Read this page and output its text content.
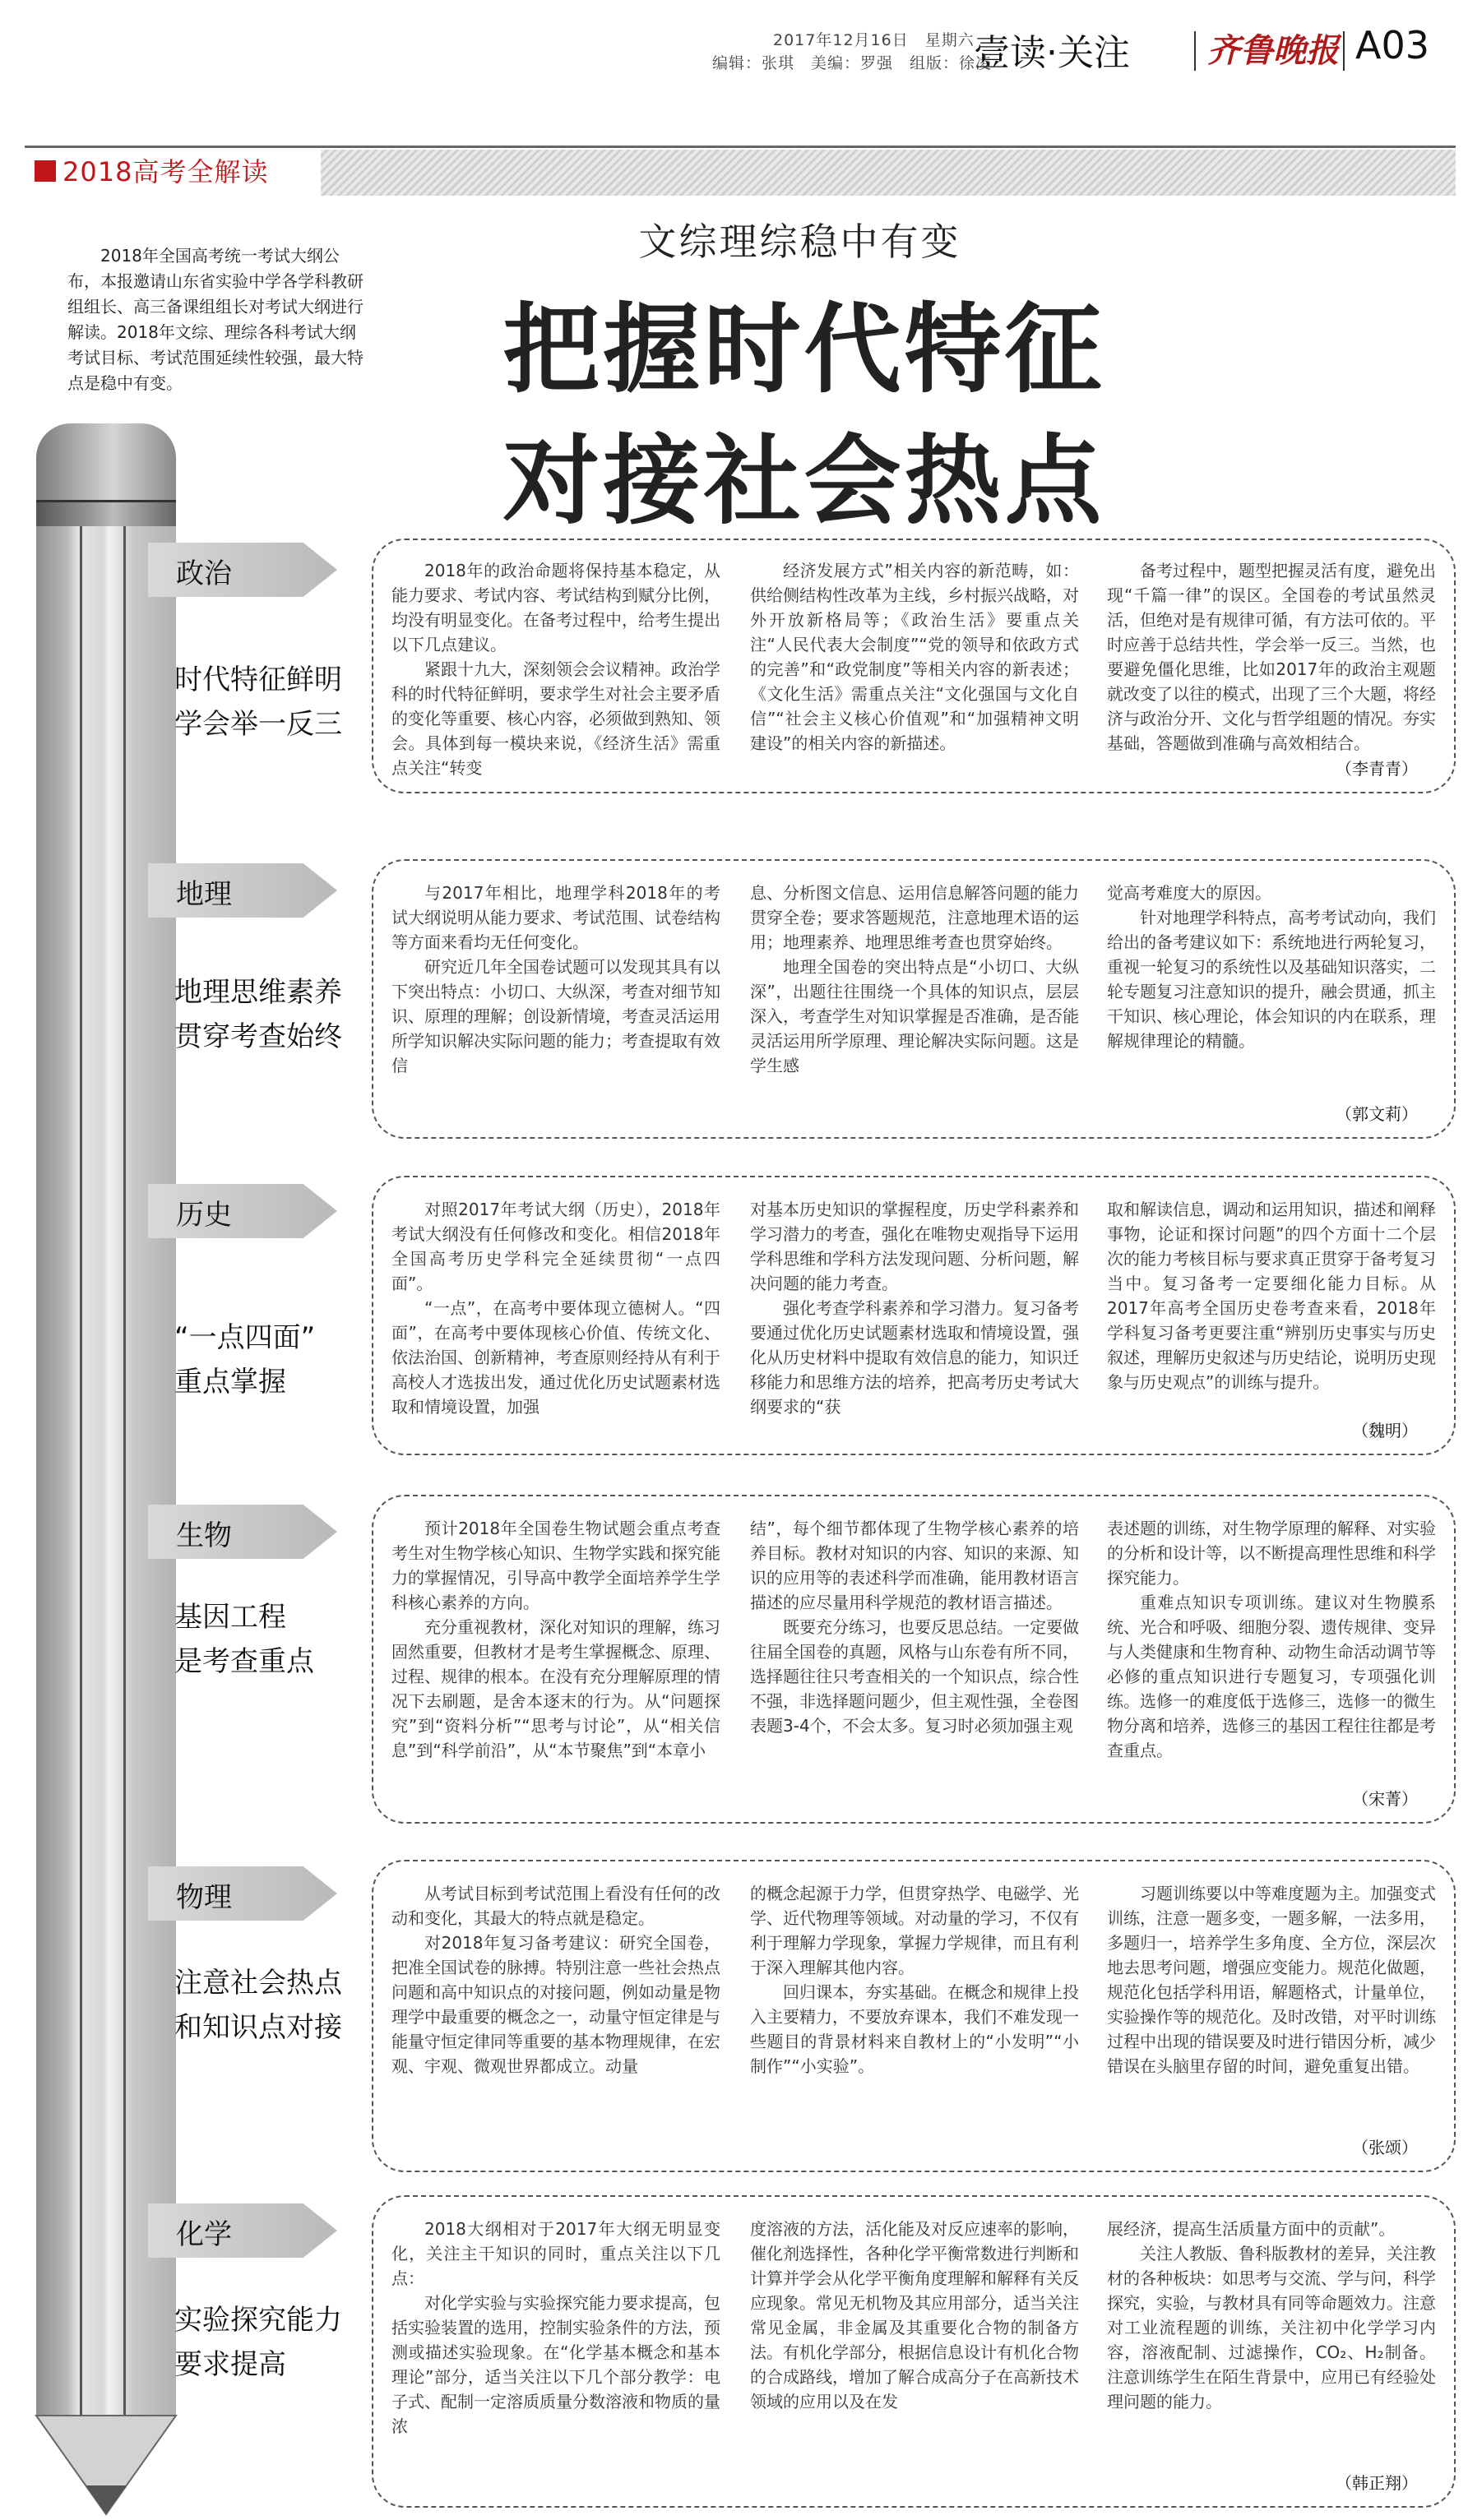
2017年12月16日　星期六
编辑：张琪　美编：罗强　组版：徐凌
壹读·关注 齐鲁晚报 A03
2018高考全解读
2018年全国高考统一考试大纲公布，本报邀请山东省实验中学各学科教研组组长、高三备课组组长对考试大纲进行解读。2018年文综、理综各科考试大纲考试目标、考试范围延续性较强，最大特点是稳中有变。
文综理综稳中有变
把握时代特征
对接社会热点
政治
时代特征鲜明
学会举一反三

2018年的政治命题将保持基本稳定，从能力要求、考试内容、考试结构到赋分比例，均没有明显变化。在备考过程中，给考生提出以下几点建议。

紧跟十九大，深刻领会会议精神。政治学科的时代特征鲜明，要求学生对社会主要矛盾的变化等重要、核心内容，必须做到熟知、领会。具体到每一模块来说，《经济生活》需重点关注“转变

经济发展方式”相关内容的新范畴，如：供给侧结构性改革为主线，乡村振兴战略，对外开放新格局等；《政治生活》要重点关注“人民代表大会制度”“党的领导和依政方式的完善”和“政党制度”等相关内容的新表述；《文化生活》需重点关注“文化强国与文化自信”“社会主义核心价值观”和“加强精神文明建设”的相关内容的新描述。

备考过程中，题型把握灵活有度，避免出现“千篇一律”的误区。全国卷的考试虽然灵活，但绝对是有规律可循，有方法可依的。平时应善于总结共性，学会举一反三。当然，也要避免僵化思维，比如2017年的政治主观题就改变了以往的模式，出现了三个大题，将经济与政治分开、文化与哲学组题的情况。夯实基础，答题做到准确与高效相结合。

（李青青）
地理
地理思维素养
贯穿考查始终

与2017年相比，地理学科2018年的考试大纲说明从能力要求、考试范围、试卷结构等方面来看均无任何变化。

研究近几年全国卷试题可以发现其具有以下突出特点：小切口、大纵深，考查对细节知识、原理的理解；创设新情境，考查灵活运用所学知识解决实际问题的能力；考查提取有效信

息、分析图文信息、运用信息解答问题的能力贯穿全卷；要求答题规范，注意地理术语的运用；地理素养、地理思维考查也贯穿始终。

地理全国卷的突出特点是“小切口、大纵深”，出题往往围绕一个具体的知识点，层层深入，考查学生对知识掌握是否准确，是否能灵活运用所学原理、理论解决实际问题。这是学生感

觉高考难度大的原因。

针对地理学科特点，高考考试动向，我们给出的备考建议如下：系统地进行两轮复习，重视一轮复习的系统性以及基础知识落实，二轮专题复习注意知识的提升，融会贯通，抓主干知识、核心理论，体会知识的内在联系，理解规律理论的精髓。

（郭文莉）
历史
“一点四面”
重点掌握

对照2017年考试大纲（历史），2018年考试大纲没有任何修改和变化。相信2018年全国高考历史学科完全延续贯彻“一点四面”。

“一点”，在高考中要体现立德树人。“四面”，在高考中要体现核心价值、传统文化、依法治国、创新精神，考查原则经持从有利于高校人才选拔出发，通过优化历史试题素材选取和情境设置，加强

对基本历史知识的掌握程度，历史学科素养和学习潜力的考查，强化在唯物史观指导下运用学科思维和学科方法发现问题、分析问题，解决问题的能力考查。

强化考查学科素养和学习潜力。复习备考要通过优化历史试题素材选取和情境设置，强化从历史材料中提取有效信息的能力，知识迁移能力和思维方法的培养，把高考历史考试大纲要求的“获

取和解读信息，调动和运用知识，描述和阐释事物，论证和探讨问题”的四个方面十二个层次的能力考核目标与要求真正贯穿于备考复习当中。复习备考一定要细化能力目标。从2017年高考全国历史卷考查来看，2018年学科复习备考更要注重“辨别历史事实与历史叙述，理解历史叙述与历史结论，说明历史现象与历史观点”的训练与提升。

（魏明）
生物
基因工程
是考查重点

预计2018年全国卷生物试题会重点考查考生对生物学核心知识、生物学实践和探究能力的掌握情况，引导高中教学全面培养学生学科核心素养的方向。

充分重视教材，深化对知识的理解，练习固然重要，但教材才是考生掌握概念、原理、过程、规律的根本。在没有充分理解原理的情况下去刷题，是舍本逐末的行为。从“问题探究”到“资料分析”“思考与讨论”，从“相关信息”到“科学前沿”，从“本节聚焦”到“本章小

结”，每个细节都体现了生物学核心素养的培养目标。教材对知识的内容、知识的来源、知识的应用等的表述科学而准确，能用教材语言描述的应尽量用科学规范的教材语言描述。

既要充分练习，也要反思总结。一定要做往届全国卷的真题，风格与山东卷有所不同，选择题往往只考查相关的一个知识点，综合性不强，非选择题问题少，但主观性强，全卷图表题3-4个，不会太多。复习时必须加强主观

表述题的训练，对生物学原理的解释、对实验的分析和设计等，以不断提高理性思维和科学探究能力。

重难点知识专项训练。建议对生物膜系统、光合和呼吸、细胞分裂、遗传规律、变异与人类健康和生物育种、动物生命活动调节等必修的重点知识进行专题复习，专项强化训练。选修一的难度低于选修三，选修一的微生物分离和培养，选修三的基因工程往往都是考查重点。

（宋菁）
物理
注意社会热点
和知识点对接

从考试目标到考试范围上看没有任何的改动和变化，其最大的特点就是稳定。

对2018年复习备考建议：研究全国卷，把准全国试卷的脉搏。特别注意一些社会热点问题和高中知识点的对接问题，例如动量是物理学中最重要的概念之一，动量守恒定律是与能量守恒定律同等重要的基本物理规律，在宏观、宇观、微观世界都成立。动量

的概念起源于力学，但贯穿热学、电磁学、光学、近代物理等领域。对动量的学习，不仅有利于理解力学现象，掌握力学规律，而且有利于深入理解其他内容。

回归课本，夯实基础。在概念和规律上投入主要精力，不要放弃课本，我们不难发现一些题目的背景材料来自教材上的“小发明”“小制作”“小实验”。

习题训练要以中等难度题为主。加强变式训练，注意一题多变，一题多解，一法多用，多题归一，培养学生多角度、全方位，深层次地去思考问题，增强应变能力。规范化做题，规范化包括学科用语，解题格式，计量单位，实验操作等的规范化。及时改错，对平时训练过程中出现的错误要及时进行错因分析，减少错误在头脑里存留的时间，避免重复出错。

（张颂）
化学
实验探究能力
要求提高

2018大纲相对于2017年大纲无明显变化，关注主干知识的同时，重点关注以下几点：

对化学实验与实验探究能力要求提高，包括实验装置的选用，控制实验条件的方法，预测或描述实验现象。在“化学基本概念和基本理论”部分，适当关注以下几个部分教学：电子式、配制一定溶质质量分数溶液和物质的量浓

度溶液的方法，活化能及对反应速率的影响，催化剂选择性，各种化学平衡常数进行判断和计算并学会从化学平衡角度理解和解释有关反应现象。常见无机物及其应用部分，适当关注常见金属，非金属及其重要化合物的制备方法。有机化学部分，根据信息设计有机化合物的合成路线，增加了解合成高分子在高新技术领域的应用以及在发

展经济，提高生活质量方面中的贡献”。

关注人教版、鲁科版教材的差异，关注教材的各种板块：如思考与交流、学与问，科学探究，实验，与教材具有同等命题效力。注意对工业流程题的训练，关注初中化学学习内容，溶液配制、过滤操作，CO₂、H₂制备。注意训练学生在陌生背景中，应用已有经验处理问题的能力。

（韩正翔）
